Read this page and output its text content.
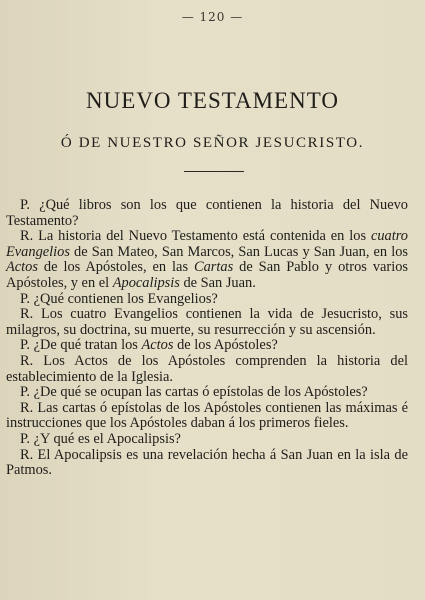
— 120 —
NUEVO TESTAMENTO
Ó DE NUESTRO SEÑOR JESUCRISTO.

P. ¿Qué libros son los que contienen la historia del Nuevo Testamento?

R. La historia del Nuevo Testamento está contenida en los cuatro Evangelios de San Mateo, San Marcos, San Lucas y San Juan, en los Actos de los Apóstoles, en las Cartas de San Pablo y otros varios Apóstoles, y en el Apocalipsis de San Juan.

P. ¿Qué contienen los Evangelios?

R. Los cuatro Evangelios contienen la vida de Jesucristo, sus milagros, su doctrina, su muerte, su resurrección y su ascensión.

P. ¿De qué tratan los Actos de los Apóstoles?

R. Los Actos de los Apóstoles comprenden la historia del establecimiento de la Iglesia.

P. ¿De qué se ocupan las cartas ó epístolas de los Apóstoles?

R. Las cartas ó epístolas de los Apóstoles contienen las máximas é instrucciones que los Apóstoles daban á los primeros fieles.

P. ¿Y qué es el Apocalipsis?

R. El Apocalipsis es una revelación hecha á San Juan en la isla de Patmos.
